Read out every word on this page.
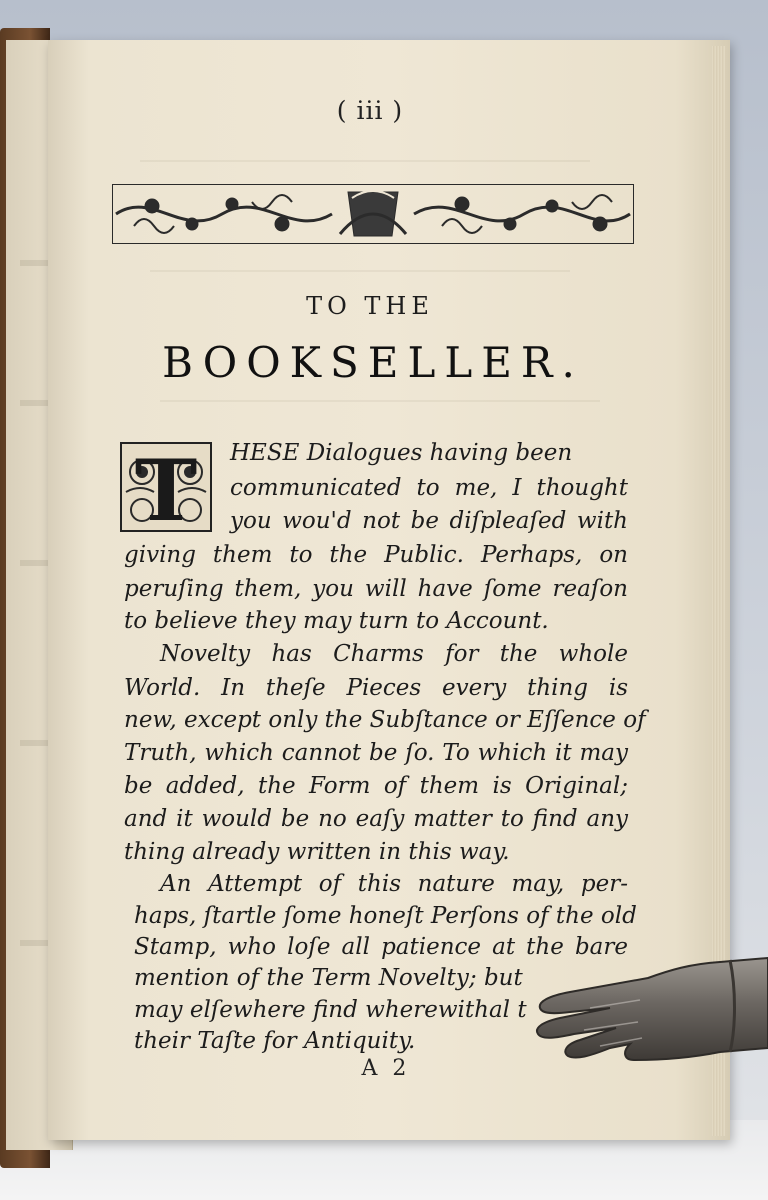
( iii )
TO THE
BOOKSELLER.
T HESE Dialogues having been
communicated to me, I thought
you wou'd not be diſpleaſed with
giving them to the Public. Perhaps, on
peruſing them, you will have ſome reaſon
to believe they may turn to Account.
Novelty has Charms for the whole
World. In theſe Pieces every thing is
new, except only the Subſtance or Eſſence of
Truth, which cannot be ſo. To which it may
be added, the Form of them is Original;
and it would be no eaſy matter to find any
thing already written in this way.
An Attempt of this nature may, per-
haps, ſtartle ſome honeſt Perſons of the old
Stamp, who loſe all patience at the bare
mention of the Term Novelty; but
may elſewhere find wherewithal t
their Taſte for Antiquity.
A 2
